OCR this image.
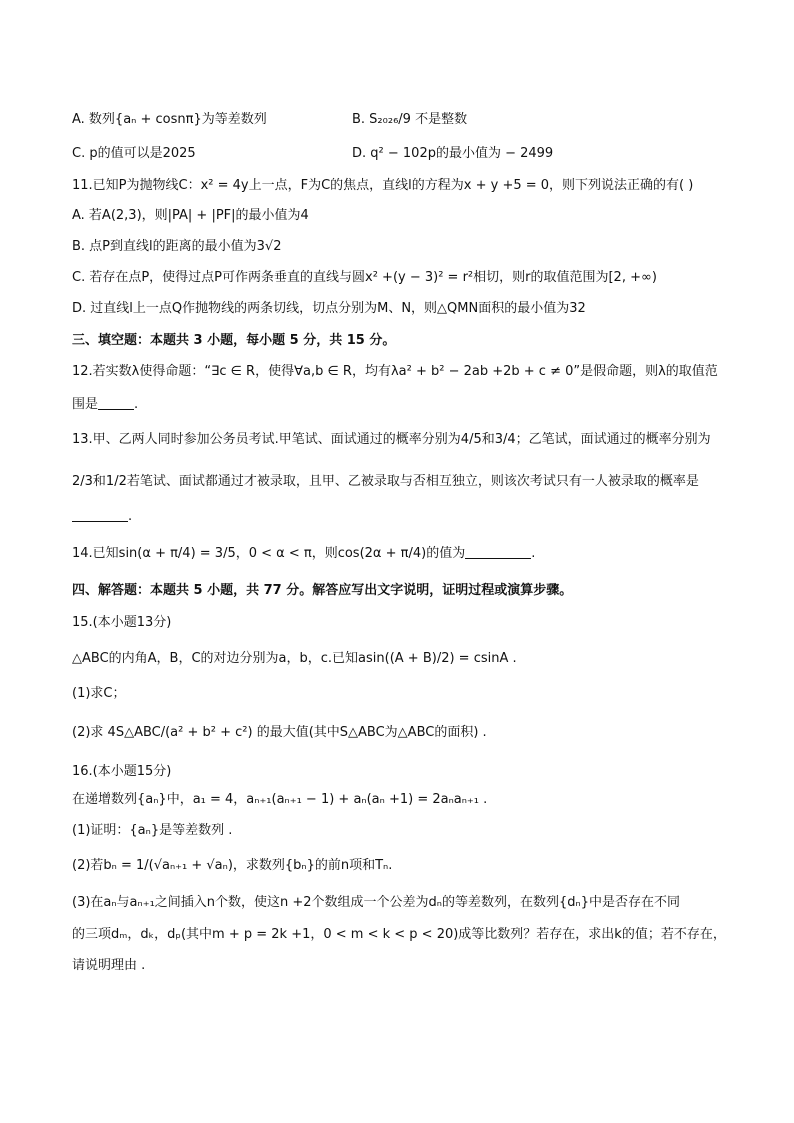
A. 数列{aₙ + cosnπ}为等差数列	B. S₂₀₂₆/9 不是整数
C. p的值可以是2025	D. q² − 102p的最小值为 − 2499
11.已知P为抛物线C：x² = 4y上一点，F为C的焦点，直线l的方程为x + y +5 = 0，则下列说法正确的有( )
A. 若A(2,3)，则|PA| + |PF|的最小值为4
B. 点P到直线l的距离的最小值为3√2
C. 若存在点P，使得过点P可作两条垂直的直线与圆x² +(y − 3)² = r²相切，则r的取值范围为[2, +∞)
D. 过直线l上一点Q作抛物线的两条切线，切点分别为M、N，则△QMN面积的最小值为32
三、填空题：本题共 3 小题，每小题 5 分，共 15 分。
12.若实数λ使得命题：“∃c ∈ R，使得∀a,b ∈ R，均有λa² + b² − 2ab +2b + c ≠ 0”是假命题，则λ的取值范
围是	.
13.甲、乙两人同时参加公务员考试.甲笔试、面试通过的概率分别为4/5和3/4；乙笔试，面试通过的概率分别为
2/3和1/2若笔试、面试都通过才被录取，且甲、乙被录取与否相互独立，则该次考试只有一人被录取的概率是
.
14.已知sin(α + π/4) = 3/5，0 < α < π，则cos(2α + π/4)的值为	.
四、解答题：本题共 5 小题，共 77 分。解答应写出文字说明，证明过程或演算步骤。
15.(本小题13分)
△ABC的内角A，B，C的对边分别为a，b，c.已知asin((A + B)/2) = csinA .
(1)求C；
(2)求 4S△ABC/(a² + b² + c²) 的最大值(其中S△ABC为△ABC的面积) .
16.(本小题15分)
在递增数列{aₙ}中，a₁ = 4，aₙ₊₁(aₙ₊₁ − 1) + aₙ(aₙ +1) = 2aₙaₙ₊₁ .
(1)证明：{aₙ}是等差数列 .
(2)若bₙ = 1/(√aₙ₊₁ + √aₙ)，求数列{bₙ}的前n项和Tₙ.
(3)在aₙ与aₙ₊₁之间插入n个数，使这n +2个数组成一个公差为dₙ的等差数列，在数列{dₙ}中是否存在不同
的三项dₘ，dₖ，dₚ(其中m + p = 2k +1，0 < m < k < p < 20)成等比数列？若存在，求出k的值；若不存在，
请说明理由 .
